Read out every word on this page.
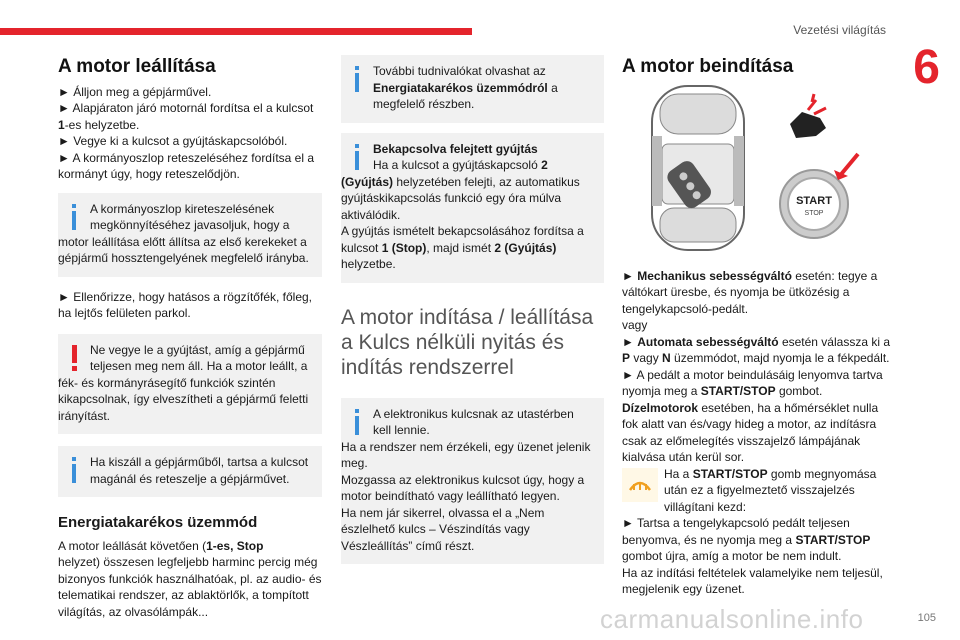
Vezetési világítás
6
A motor leállítása

► Álljon meg a gépjárművel.

► Alapjáraton járó motornál fordítsa el a kulcsot
1-es helyzetbe.

► Vegye ki a kulcsot a gyújtáskapcsolóból.

► A kormányoszlop reteszeléséhez fordítsa el a kormányt úgy, hogy reteszelődjön.

A kormányoszlop kireteszelésének megkönnyítéséhez javasoljuk, hogy a

motor leállítása előtt állítsa az első kerekeket a gépjármű hossztengelyének megfelelő irányba.

► Ellenőrizze, hogy hatásos a rögzítőfék, főleg, ha lejtős felületen parkol.

Ne vegye le a gyújtást, amíg a gépjármű teljesen meg nem áll. Ha a motor leállt, a

fék- és kormányrásegítő funkciók szintén kikapcsolnak, így elveszítheti a gépjármű feletti irányítást.

Ha kiszáll a gépjárműből, tartsa a kulcsot magánál és reteszelje a gépjárművet.

Energiatakarékos üzemmód

A motor leállását követően (1-es, Stop
helyzet) összesen legfeljebb harminc percig még bizonyos funkciók használhatóak, pl. az audio- és telematikai rendszer, az ablaktörlők, a tompított világítás, az olvasólámpák...

További tudnivalókat olvashat az
Energiatakarékos üzemmódról a megfelelő részben.

Bekapcsolva felejtett gyújtás
Ha a kulcsot a gyújtáskapcsoló 2

(Gyújtás) helyzetében felejti, az automatikus gyújtáskikapcsolás funkció egy óra múlva aktiválódik.

A gyújtás ismételt bekapcsolásához fordítsa a kulcsot 1 (Stop), majd ismét 2 (Gyújtás) helyzetbe.

A motor indítása / leállítása a Kulcs nélküli nyitás és indítás rendszerrel

A elektronikus kulcsnak az utastérben kell lennie.

Ha a rendszer nem érzékeli, egy üzenet jelenik meg.
Mozgassa az elektronikus kulcsot úgy, hogy a motor beindítható vagy leállítható legyen.
Ha nem jár sikerrel, olvassa el a „Nem észlelhető kulcs – Vészindítás vagy Vészleállítás” című részt.

A motor beindítása
START
STOP

► Mechanikus sebességváltó esetén: tegye a váltókart üresbe, és nyomja be ütközésig a tengelykapcsoló-pedált.

vagy

► Automata sebességváltó esetén válassza ki a P vagy N üzemmódot, majd nyomja le a fékpedált.

► A pedált a motor beindulásáig lenyomva tartva nyomja meg a START/STOP gombot.

Dízelmotorok esetében, ha a hőmérséklet nulla fok alatt van és/vagy hideg a motor, az indításra csak az előmelegítés visszajelző lámpájának kialvása után kerül sor.

Ha a START/STOP gomb megnyomása után ez a figyelmeztető visszajelzés villágítani kezd:

► Tartsa a tengelykapcsoló pedált teljesen benyomva, és ne nyomja meg a START/STOP gombot újra, amíg a motor be nem indult.

Ha az indítási feltételek valamelyike nem teljesül, megjelenik egy üzenet.

carmanualsonline.info	105
